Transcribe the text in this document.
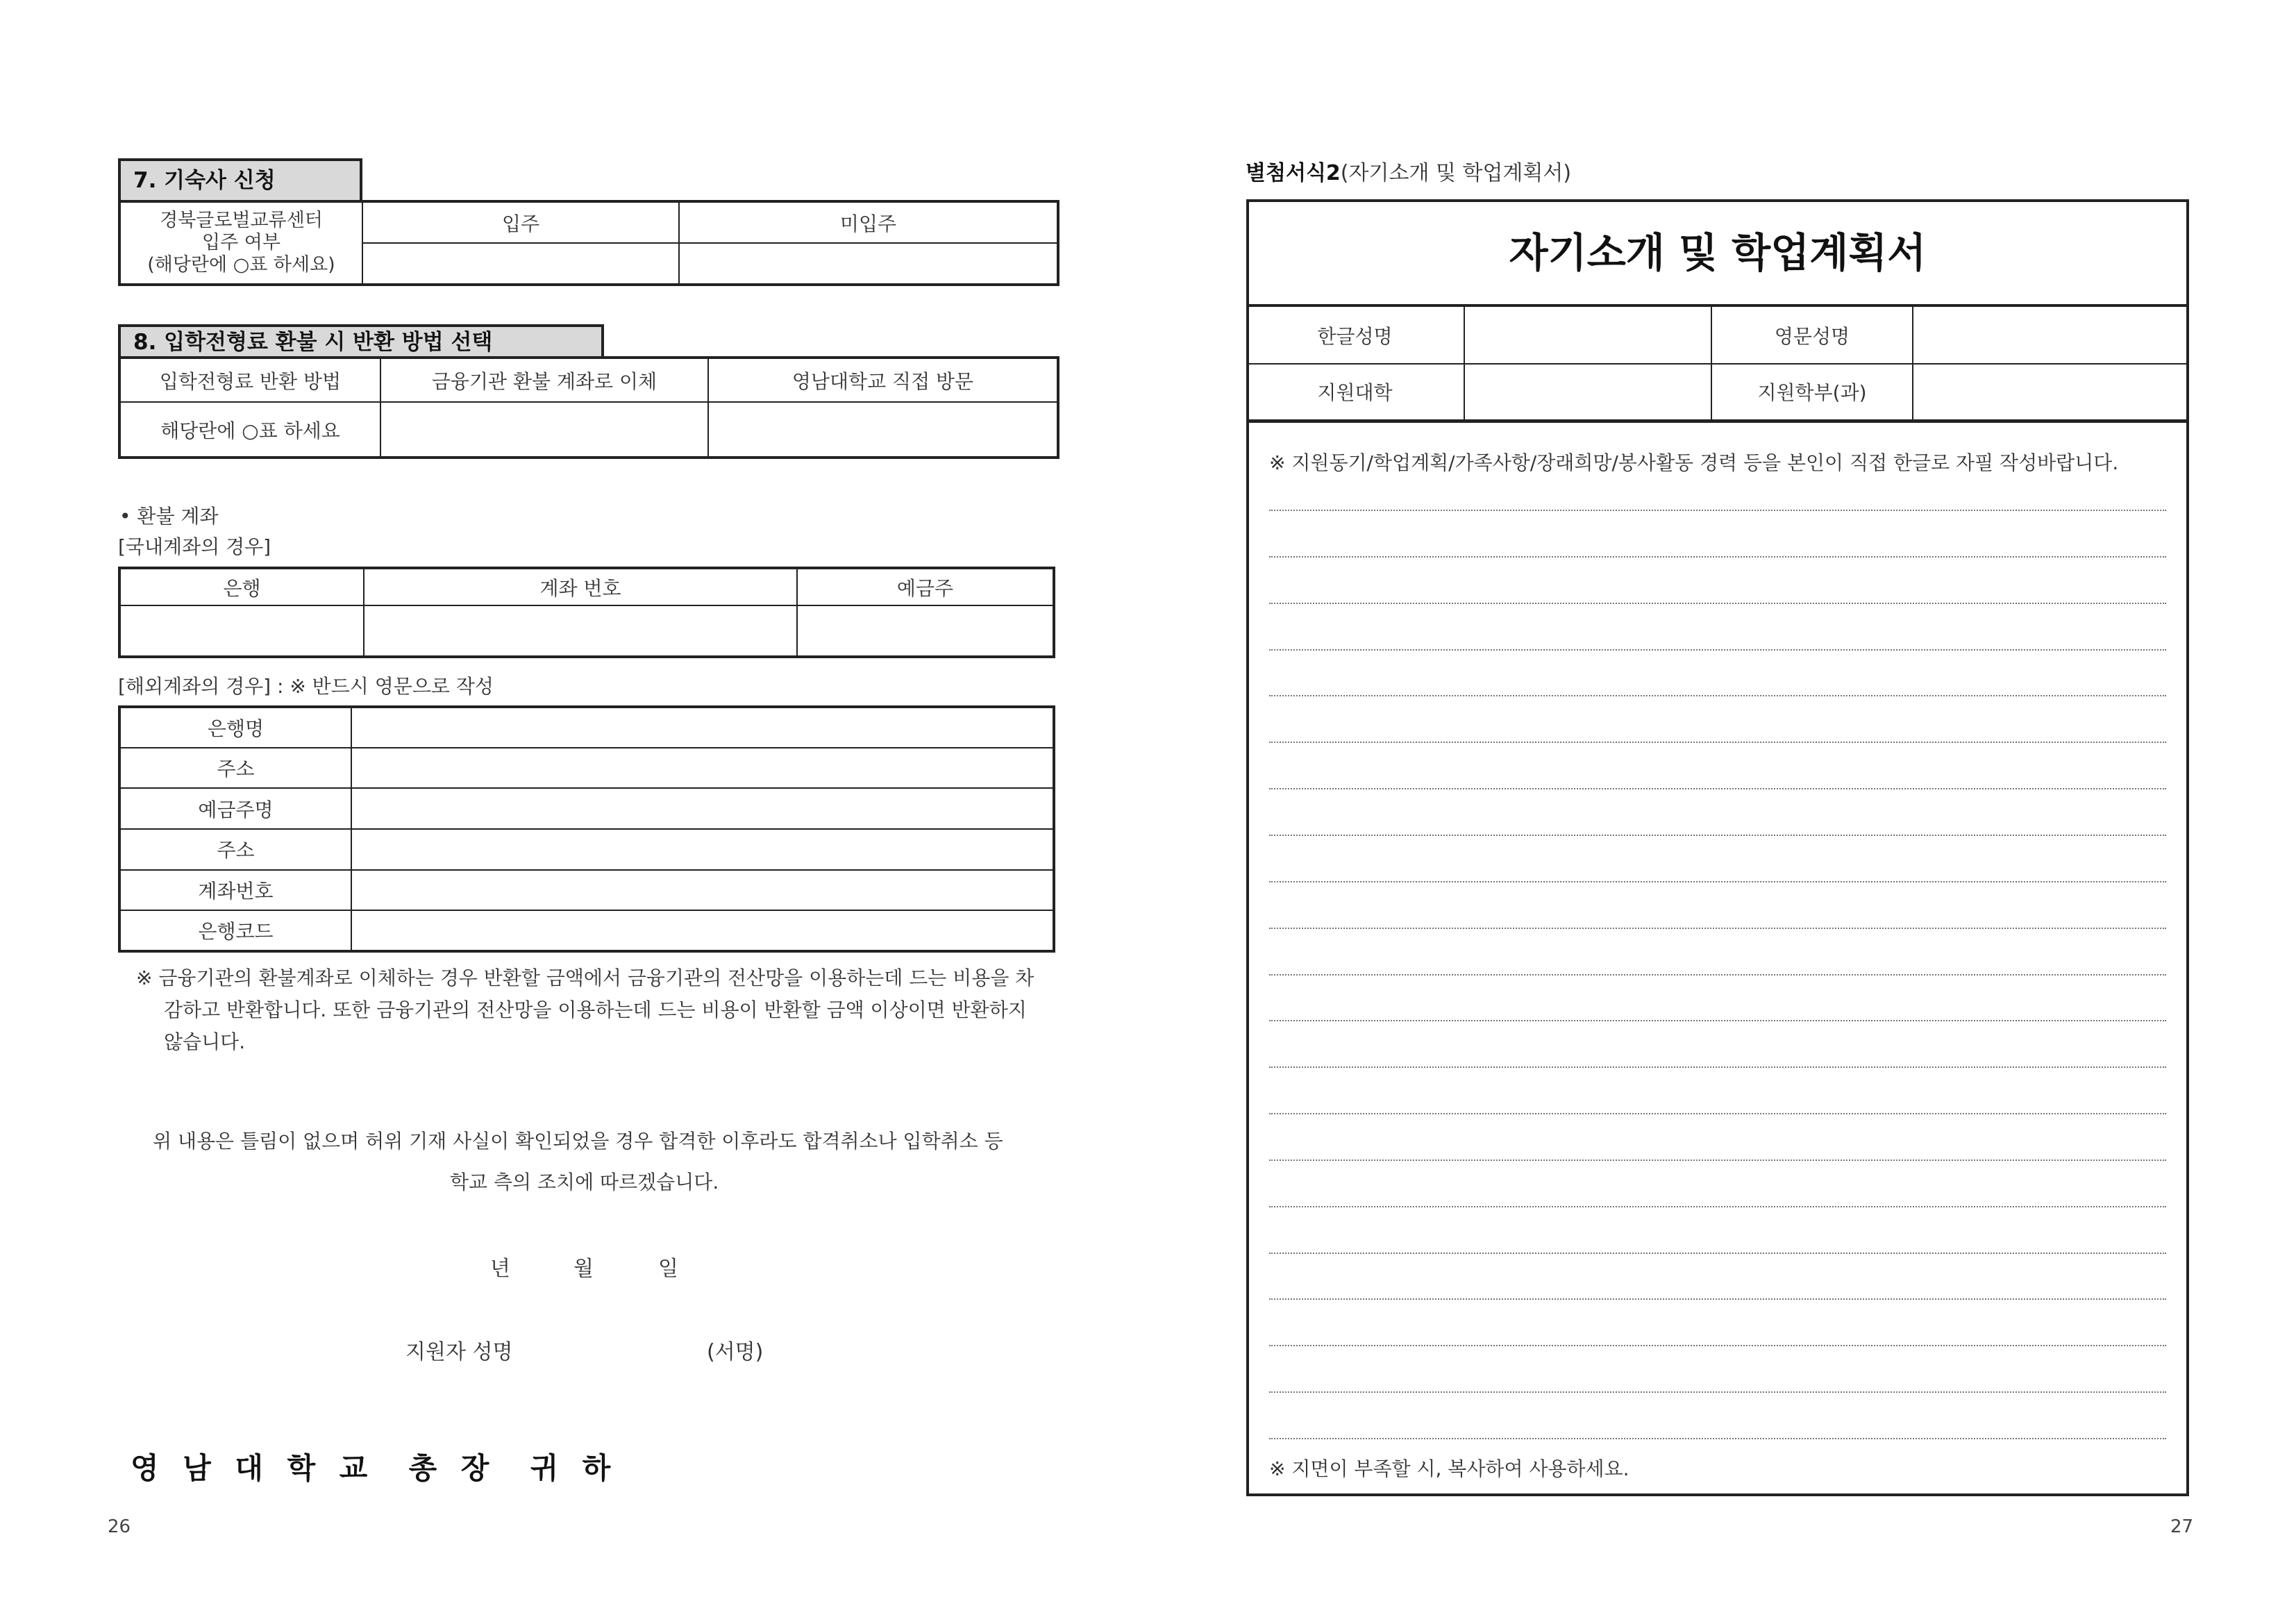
7. 기숙사 신청
경북글로벌교류센터
입주 여부
(해당란에 ○표 하세요)	입주	미입주

8. 입학전형료 환불 시 반환 방법 선택
입학전형료 반환 방법	금융기관 환불 계좌로 이체	영남대학교 직접 방문
해당란에 ○표 하세요		
• 환불 계좌
[국내계좌의 경우]
은행	계좌 번호	예금주

[해외계좌의 경우] : ※ 반드시 영문으로 작성
은행명	
주소	
예금주명	
주소	
계좌번호	
은행코드	
※ 금융기관의 환불계좌로 이체하는 경우 반환할 금액에서 금융기관의 전산망을 이용하는데 드는 비용을 차
감하고 반환합니다. 또한 금융기관의 전산망을 이용하는데 드는 비용이 반환할 금액 이상이면 반환하지
않습니다.
위 내용은 틀림이 없으며 허위 기재 사실이 확인되었을 경우 합격한 이후라도 합격취소나 입학취소 등
학교 측의 조치에 따르겠습니다.
년	월	일
지원자 성명	(서명)
영 남 대 학 교  총 장  귀 하
26
별첨서식2(자기소개 및 학업계획서)
자기소개 및 학업계획서
한글성명		영문성명	
지원대학		지원학부(과)	
※ 지원동기/학업계획/가족사항/장래희망/봉사활동 경력 등을 본인이 직접 한글로 자필 작성바랍니다.
※ 지면이 부족할 시, 복사하여 사용하세요.
27
